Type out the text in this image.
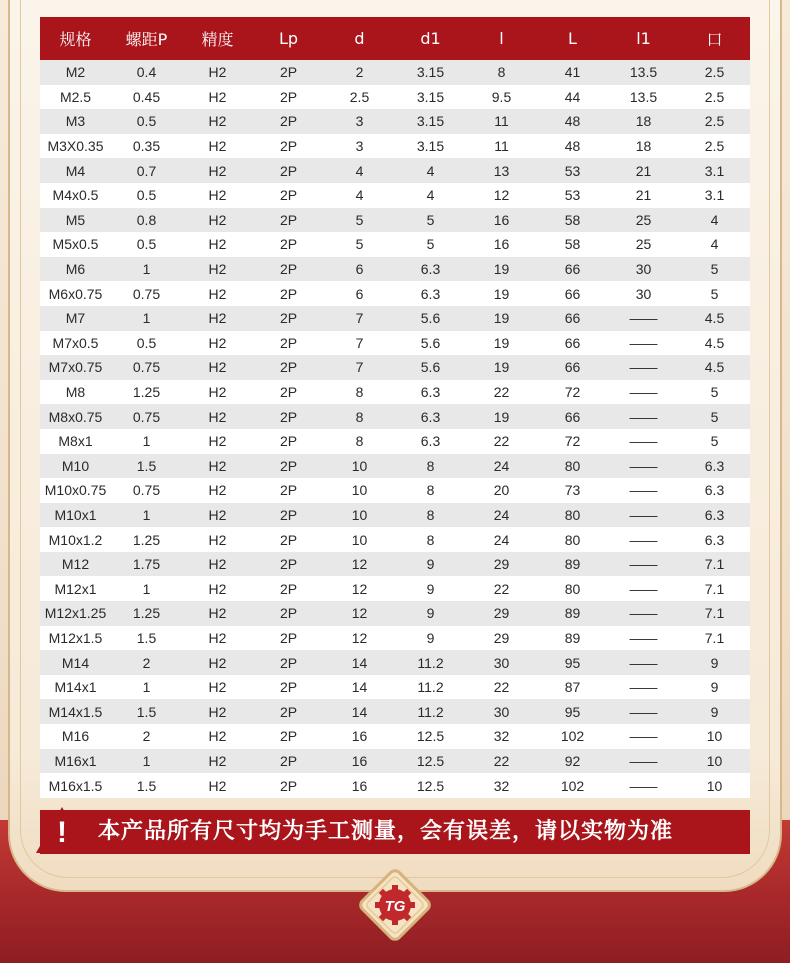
规格	螺距P	精度	Lp	d	d1	l	L	l1	口
M2	0.4	H2	2P	2	3.15	8	41	13.5	2.5
M2.5	0.45	H2	2P	2.5	3.15	9.5	44	13.5	2.5
M3	0.5	H2	2P	3	3.15	11	48	18	2.5
M3X0.35	0.35	H2	2P	3	3.15	11	48	18	2.5
M4	0.7	H2	2P	4	4	13	53	21	3.1
M4x0.5	0.5	H2	2P	4	4	12	53	21	3.1
M5	0.8	H2	2P	5	5	16	58	25	4
M5x0.5	0.5	H2	2P	5	5	16	58	25	4
M6	1	H2	2P	6	6.3	19	66	30	5
M6x0.75	0.75	H2	2P	6	6.3	19	66	30	5
M7	1	H2	2P	7	5.6	19	66	——	4.5
M7x0.5	0.5	H2	2P	7	5.6	19	66	——	4.5
M7x0.75	0.75	H2	2P	7	5.6	19	66	——	4.5
M8	1.25	H2	2P	8	6.3	22	72	——	5
M8x0.75	0.75	H2	2P	8	6.3	19	66	——	5
M8x1	1	H2	2P	8	6.3	22	72	——	5
M10	1.5	H2	2P	10	8	24	80	——	6.3
M10x0.75	0.75	H2	2P	10	8	20	73	——	6.3
M10x1	1	H2	2P	10	8	24	80	——	6.3
M10x1.2	1.25	H2	2P	10	8	24	80	——	6.3
M12	1.75	H2	2P	12	9	29	89	——	7.1
M12x1	1	H2	2P	12	9	22	80	——	7.1
M12x1.25	1.25	H2	2P	12	9	29	89	——	7.1
M12x1.5	1.5	H2	2P	12	9	29	89	——	7.1
M14	2	H2	2P	14	11.2	30	95	——	9
M14x1	1	H2	2P	14	11.2	22	87	——	9
M14x1.5	1.5	H2	2P	14	11.2	30	95	——	9
M16	2	H2	2P	16	12.5	32	102	——	10
M16x1	1	H2	2P	16	12.5	22	92	——	10
M16x1.5	1.5	H2	2P	16	12.5	32	102	——	10
! 本产品所有尺寸均为手工测量，会有误差，请以实物为准
TG
